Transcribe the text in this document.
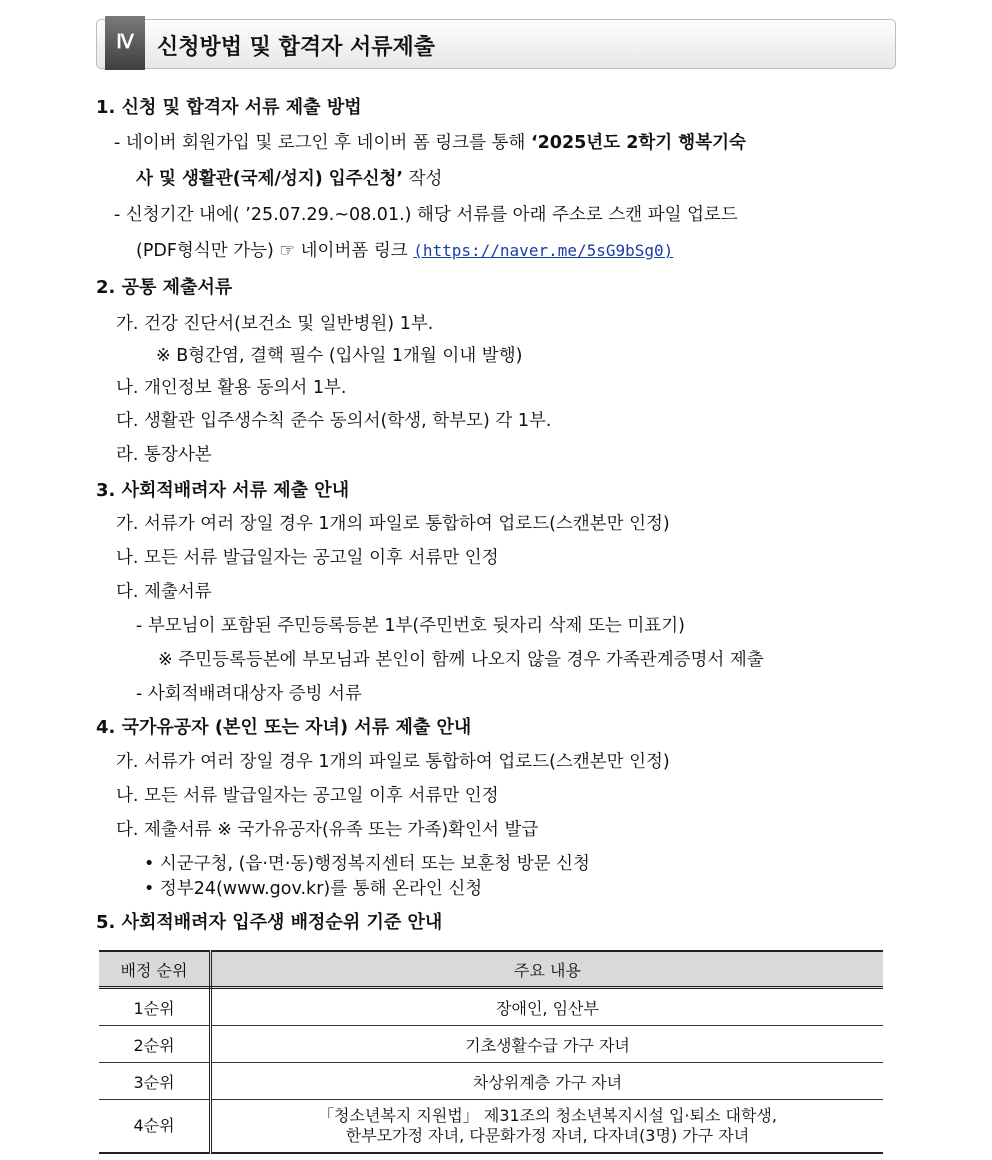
Ⅳ	신청방법 및 합격자 서류제출
1. 신청 및 합격자 서류 제출 방법
- 네이버 회원가입 및 로그인 후 네이버 폼 링크를 통해 ‘2025년도 2학기 행복기숙
사 및 생활관(국제/성지) 입주신청’ 작성
- 신청기간 내에( ’25.07.29.~08.01.) 해당 서류를 아래 주소로 스캔 파일 업로드
(PDF형식만 가능) ☞ 네이버폼 링크 (https://naver.me/5sG9bSg0)
2. 공통 제출서류
가. 건강 진단서(보건소 및 일반병원) 1부.
※ B형간염, 결핵 필수 (입사일 1개월 이내 발행)
나. 개인정보 활용 동의서 1부.
다. 생활관 입주생수칙 준수 동의서(학생, 학부모) 각 1부.
라. 통장사본
3. 사회적배려자 서류 제출 안내
가. 서류가 여러 장일 경우 1개의 파일로 통합하여 업로드(스캔본만 인정)
나. 모든 서류 발급일자는 공고일 이후 서류만 인정
다. 제출서류
- 부모님이 포함된 주민등록등본 1부(주민번호 뒷자리 삭제 또는 미표기)
※ 주민등록등본에 부모님과 본인이 함께 나오지 않을 경우 가족관계증명서 제출
- 사회적배려대상자 증빙 서류
4. 국가유공자 (본인 또는 자녀) 서류 제출 안내
가. 서류가 여러 장일 경우 1개의 파일로 통합하여 업로드(스캔본만 인정)
나. 모든 서류 발급일자는 공고일 이후 서류만 인정
다. 제출서류 ※ 국가유공자(유족 또는 가족)확인서 발급
• 시군구청, (읍·면·동)행정복지센터 또는 보훈청 방문 신청
• 정부24(www.gov.kr)를 통해 온라인 신청
5. 사회적배려자 입주생 배정순위 기준 안내
배정 순위	주요 내용
1순위	장애인, 임산부
2순위	기초생활수급 가구 자녀
3순위	차상위계층 가구 자녀
4순위	「청소년복지 지원법」 제31조의 청소년복지시설 입·퇴소 대학생,
한부모가정 자녀, 다문화가정 자녀, 다자녀(3명) 가구 자녀
